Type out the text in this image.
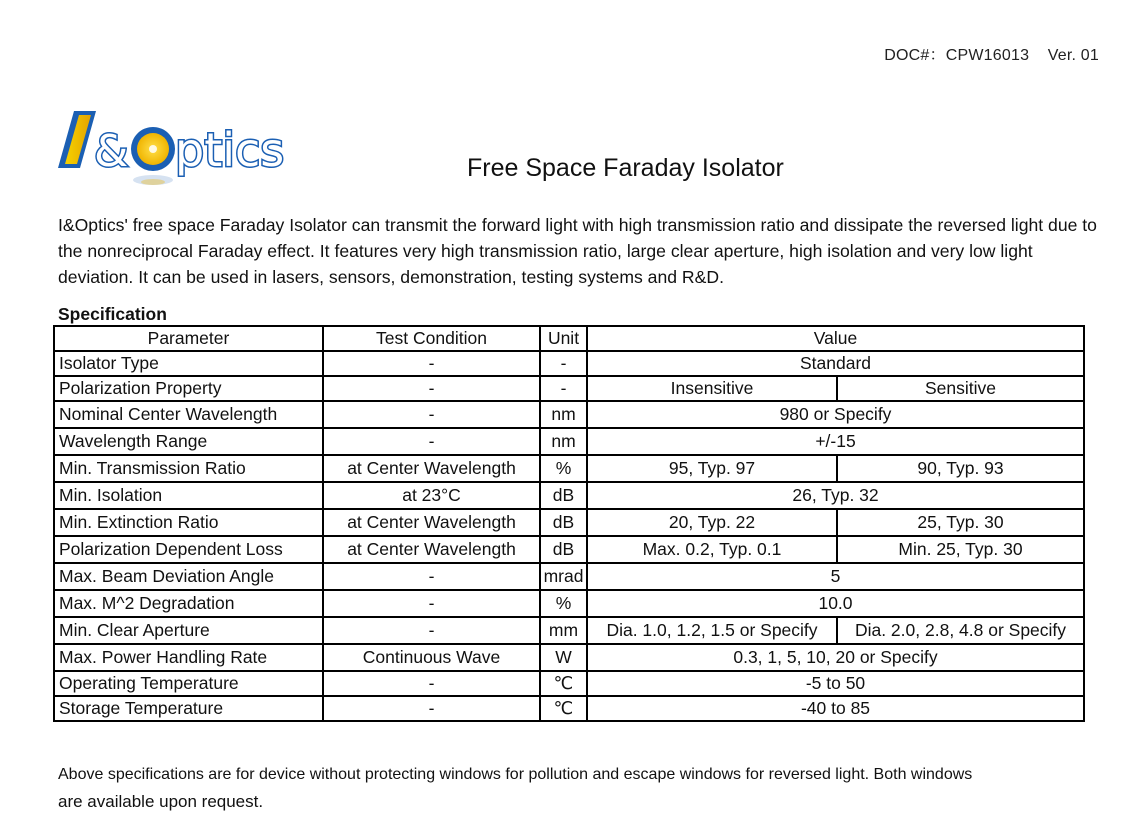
DOC#：CPW16013 Ver. 01
&
O
ptics	Free Space Faraday Isolator
I&Optics' free space Faraday Isolator can transmit the forward light with high transmission ratio and dissipate the reversed light due to the nonreciprocal Faraday effect. It features very high transmission ratio, large clear aperture, high isolation and very low light deviation. It can be used in lasers, sensors, demonstration, testing systems and R&D.
Specification
Parameter	Test Condition	Unit	Value	
Isolator Type	-	-	Standard	
Polarization Property	-	-	Insensitive	Sensitive
Nominal Center Wavelength	-	nm	980 or Specify	
Wavelength Range	-	nm	+/-15	
Min. Transmission Ratio	at Center Wavelength	%	95, Typ. 97	90, Typ. 93
Min. Isolation	at 23°C	dB	26, Typ. 32	
Min. Extinction Ratio	at Center Wavelength	dB	20, Typ. 22	25, Typ. 30
Polarization Dependent Loss	at Center Wavelength	dB	Max. 0.2, Typ. 0.1	Min. 25, Typ. 30
Max. Beam Deviation Angle	-	mrad	5	
Max. M^2 Degradation	-	%	10.0	
Min. Clear Aperture	-	mm	Dia. 1.0, 1.2, 1.5 or Specify	Dia. 2.0, 2.8, 4.8 or Specify
Max. Power Handling Rate	Continuous Wave	W	0.3, 1, 5, 10, 20 or Specify	
Operating Temperature	-	℃	-5 to 50	
Storage Temperature	-	℃	-40 to 85	
Above specifications are for device without protecting windows for pollution and escape windows for reversed light. Both windows
are available upon request.
